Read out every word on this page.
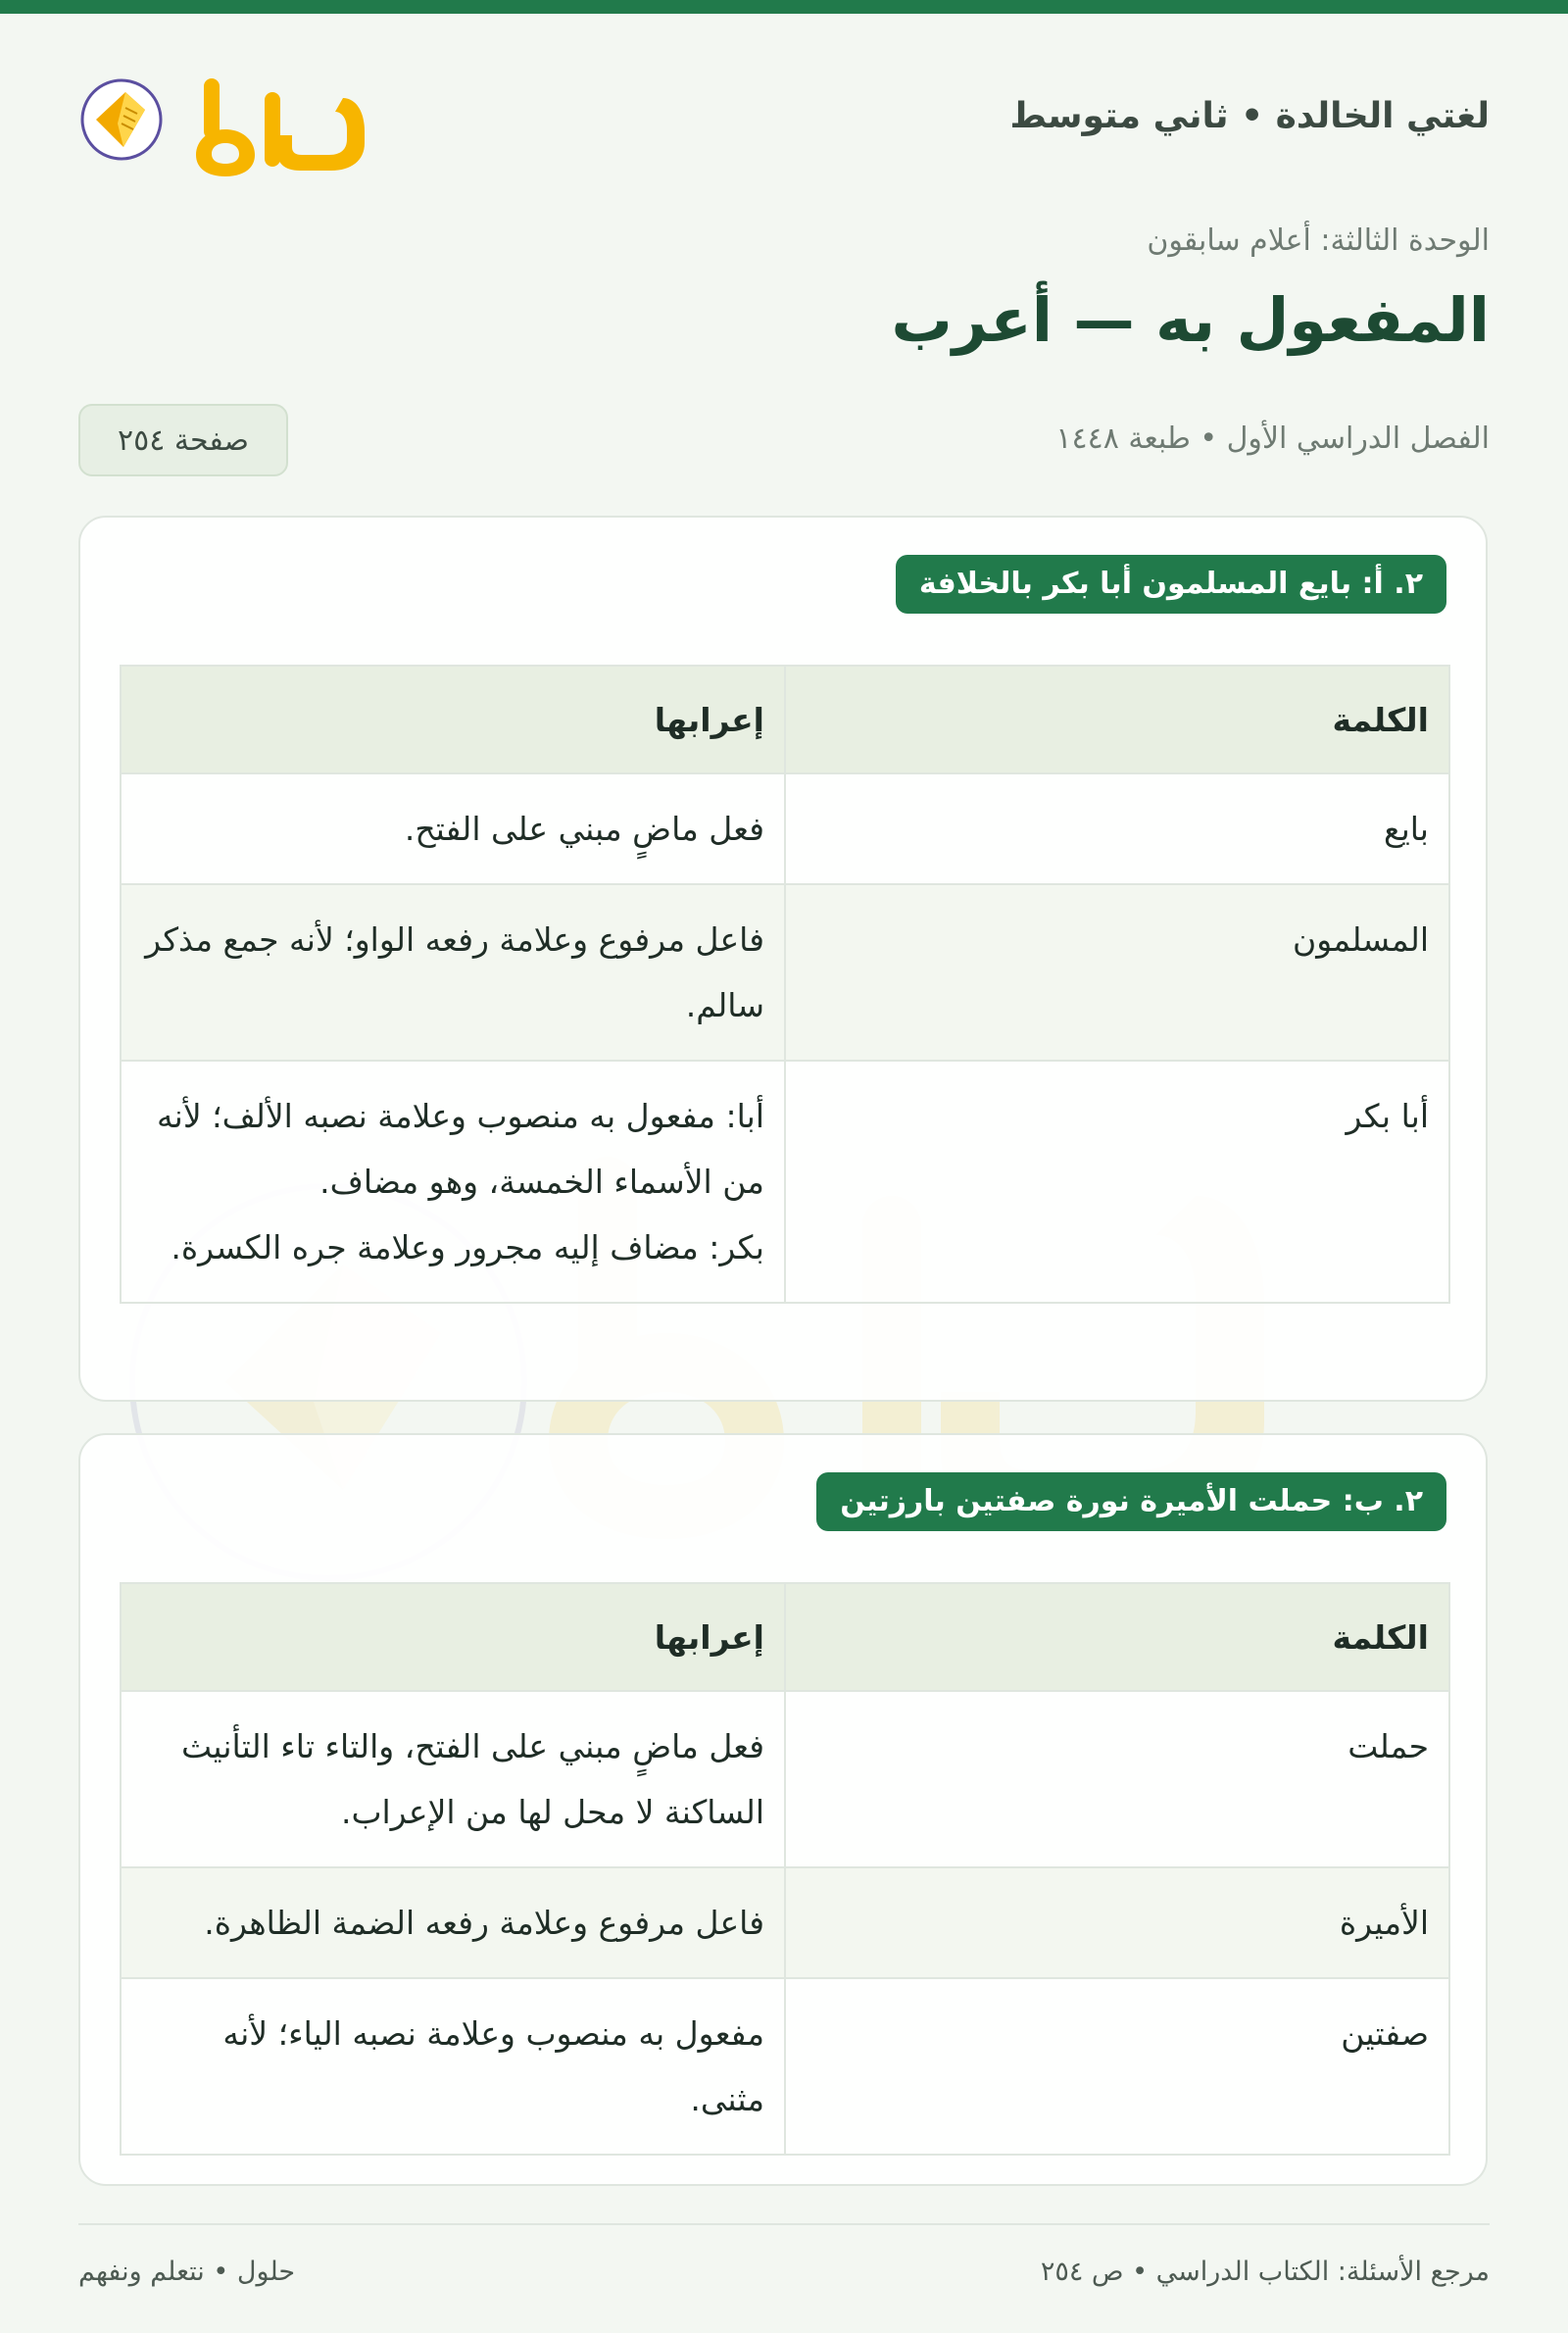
لغتي الخالدة • ثاني متوسط
الوحدة الثالثة: أعلام سابقون
المفعول به — أعرب
الفصل الدراسي الأول • طبعة ١٤٤٨
صفحة ٢٥٤
٢. أ: بايع المسلمون أبا بكر بالخلافة
الكلمة	إعرابها
بايع	فعل ماضٍ مبني على الفتح.

المسلمون	فاعل مرفوع وعلامة رفعه الواو؛ لأنه جمع مذكر سالم.

أبا بكر	أبا: مفعول به منصوب وعلامة نصبه الألف؛ لأنه من الأسماء الخمسة، وهو مضاف.
بكر: مضاف إليه مجرور وعلامة جره الكسرة.
٢. ب: حملت الأميرة نورة صفتين بارزتين
الكلمة	إعرابها
حملت	فعل ماضٍ مبني على الفتح، والتاء تاء التأنيث الساكنة لا محل لها من الإعراب.

الأميرة	فاعل مرفوع وعلامة رفعه الضمة الظاهرة.

صفتين	مفعول به منصوب وعلامة نصبه الياء؛ لأنه مثنى.
مرجع الأسئلة: الكتاب الدراسي • ص ٢٥٤
حلول • نتعلم ونفهم
